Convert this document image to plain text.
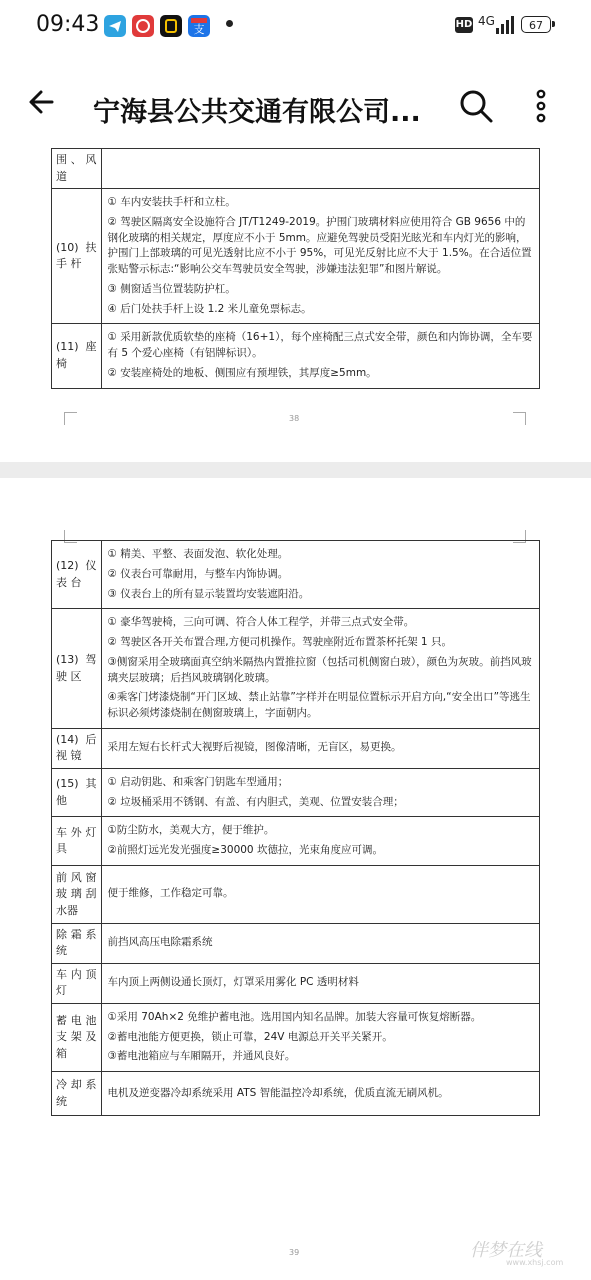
09:43	支	HD 4G	67
宁海县公共交通有限公司...
围、风道	

(10) 扶 手 杆	① 车内安装扶手杆和立柱。
② 驾驶区隔离安全设施符合 JT/T1249-2019。护围门玻璃材料应使用符合 GB 9656 中的钢化玻璃的相关规定，厚度应不小于 5mm。应避免驾驶员受阳光眩光和车内灯光的影响，护围门上部玻璃的可见光透射比应不小于 95%，可见光反射比应不大于 1.5%。在合适位置张贴警示标志:“影响公交车驾驶员安全驾驶，涉嫌违法犯罪”和图片解说。
③ 侧窗适当位置装防护杠。
④ 后门处扶手杆上设 1.2 米儿童免票标志。

(11) 座 椅	① 采用新款优质软垫的座椅（16+1），每个座椅配三点式安全带，颜色和内饰协调，全车要有 5 个爱心座椅（有铝牌标识）。
② 安装座椅处的地板、侧围应有预埋铁，其厚度≥5mm。
38
(12) 仪 表 台	① 精美、平整、表面发泡、软化处理。
② 仪表台可靠耐用，与整车内饰协调。
③ 仪表台上的所有显示装置均安装遮阳沿。

(13) 驾 驶 区	① 豪华驾驶椅，三向可调、符合人体工程学，并带三点式安全带。
② 驾驶区各开关布置合理,方便司机操作。驾驶座附近布置茶杯托架 1 只。
③侧窗采用全玻璃面真空纳米隔热内置推拉窗（包括司机侧窗白玻），颜色为灰玻。前挡风玻璃夹层玻璃；后挡风玻璃钢化玻璃。
④乘客门烤漆烧制“开门区域、禁止站靠”字样并在明显位置标示开启方向,“安全出口”等逃生标识必须烤漆烧制在侧窗玻璃上，字面朝内。

(14) 后 视 镜	采用左短右长杆式大视野后视镜，图像清晰，无盲区，易更换。

(15) 其 他	① 启动钥匙、和乘客门钥匙车型通用；
② 垃圾桶采用不锈钢、有盖、有内胆式，美观、位置安装合理；

车外灯具	①防尘防水，美观大方，便于维护。
②前照灯远光发光强度≥30000 坎德拉，光束角度应可调。

前风窗玻璃刮水器	便于维修，工作稳定可靠。

除霜系统	前挡风高压电除霜系统

车内顶灯	车内顶上两侧设通长顶灯，灯罩采用雾化 PC 透明材料

蓄电池支架及箱	①采用 70Ah×2 免维护蓄电池。选用国内知名品牌。加装大容量可恢复熔断器。
②蓄电池能方便更换，锁止可靠，24V 电源总开关平关紧开。
③蓄电池箱应与车厢隔开，并通风良好。

冷却系统	电机及逆变器冷却系统采用 ATS 智能温控冷却系统，优质直流无刷风机。
39	伴梦在线
www.xhsj.com
